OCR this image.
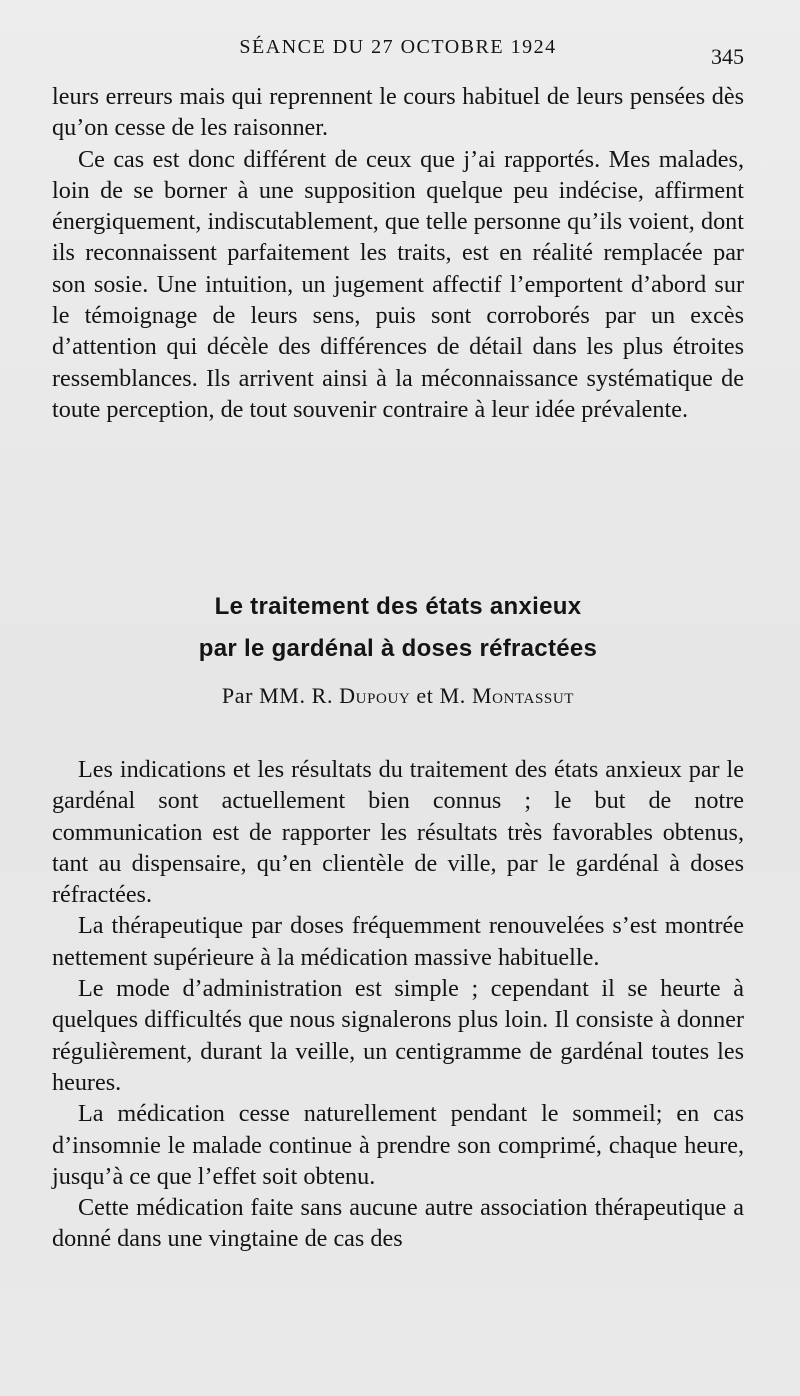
SÉANCE DU 27 OCTOBRE 1924	345

leurs erreurs mais qui reprennent le cours habituel de leurs pensées dès qu’on cesse de les raisonner.

Ce cas est donc différent de ceux que j’ai rapportés. Mes malades, loin de se borner à une supposition quelque peu indécise, affirment énergiquement, indiscutablement, que telle personne qu’ils voient, dont ils reconnaissent parfaitement les traits, est en réalité remplacée par son sosie. Une intuition, un jugement affectif l’emportent d’abord sur le témoignage de leurs sens, puis sont corroborés par un excès d’attention qui décèle des différences de détail dans les plus étroites ressemblances. Ils arrivent ainsi à la méconnaissance systématique de toute perception, de tout souvenir contraire à leur idée prévalente.

Le traitement des états anxieux
par le gardénal à doses réfractées
Par MM. R. Dupouy et M. Montassut

Les indications et les résultats du traitement des états anxieux par le gardénal sont actuellement bien connus ; le but de notre communication est de rapporter les résultats très favorables obtenus, tant au dispensaire, qu’en clientèle de ville, par le gardénal à doses réfractées.

La thérapeutique par doses fréquemment renouvelées s’est montrée nettement supérieure à la médication massive habituelle.

Le mode d’administration est simple ; cependant il se heurte à quelques difficultés que nous signalerons plus loin. Il consiste à donner régulièrement, durant la veille, un centigramme de gardénal toutes les heures.

La médication cesse naturellement pendant le sommeil; en cas d’insomnie le malade continue à prendre son comprimé, chaque heure, jusqu’à ce que l’effet soit obtenu.

Cette médication faite sans aucune autre association thérapeutique a donné dans une vingtaine de cas des
